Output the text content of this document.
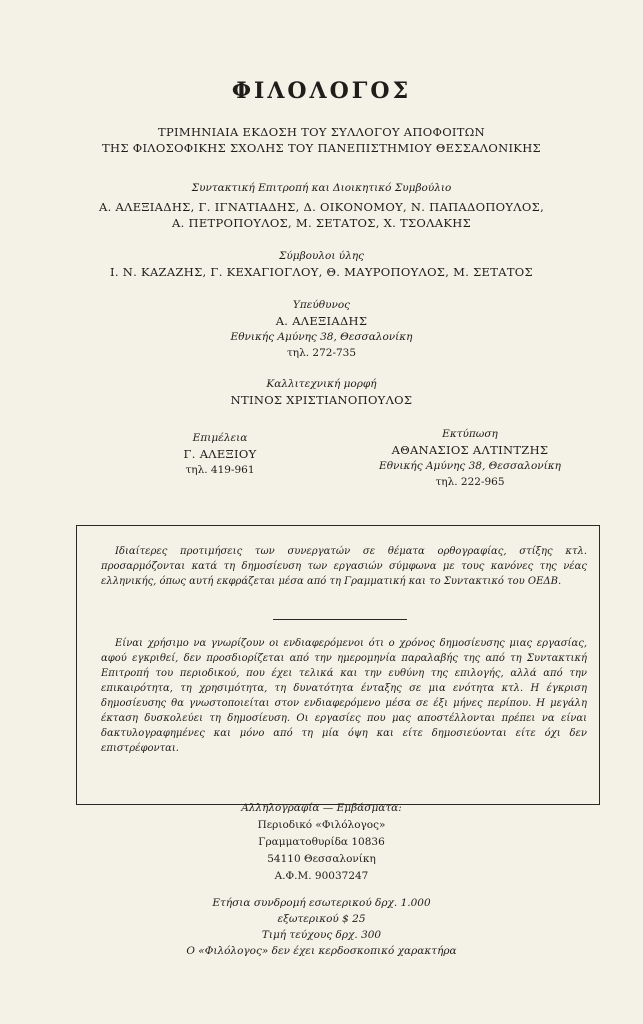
ΦΙΛΟΛΟΓΟΣ
ΤΡΙΜΗΝΙΑΙΑ ΕΚΔΟΣΗ ΤΟΥ ΣΥΛΛΟΓΟΥ ΑΠΟΦΟΙΤΩΝ
ΤΗΣ ΦΙΛΟΣΟΦΙΚΗΣ ΣΧΟΛΗΣ ΤΟΥ ΠΑΝΕΠΙΣΤΗΜΙΟΥ ΘΕΣΣΑΛΟΝΙΚΗΣ
Συντακτική Επιτροπή και Διοικητικό Συμβούλιο
Α. ΑΛΕΞΙΑΔΗΣ, Γ. ΙΓΝΑΤΙΑΔΗΣ, Δ. ΟΙΚΟΝΟΜΟΥ, Ν. ΠΑΠΑΔΟΠΟΥΛΟΣ,
Α. ΠΕΤΡΟΠΟΥΛΟΣ, Μ. ΣΕΤΑΤΟΣ, Χ. ΤΣΟΛΑΚΗΣ
Σύμβουλοι ύλης
Ι. Ν. ΚΑΖΑΖΗΣ, Γ. ΚΕΧΑΓΙΟΓΛΟΥ, Θ. ΜΑΥΡΟΠΟΥΛΟΣ, Μ. ΣΕΤΑΤΟΣ
Υπεύθυνος
Α. ΑΛΕΞΙΑΔΗΣ
Εθνικής Αμύνης 38, Θεσσαλονίκη
τηλ. 272-735
Καλλιτεχνική μορφή
ΝΤΙΝΟΣ ΧΡΙΣΤΙΑΝΟΠΟΥΛΟΣ
Επιμέλεια
Γ. ΑΛΕΞΙΟΥ
τηλ. 419-961
Εκτύπωση
ΑΘΑΝΑΣΙΟΣ ΑΛΤΙΝΤΖΗΣ
Εθνικής Αμύνης 38, Θεσσαλονίκη
τηλ. 222-965

Ιδιαίτερες προτιμήσεις των συνεργατών σε θέματα ορθογραφίας, στίξης κτλ. προσαρμόζονται κατά τη δημοσίευση των εργασιών σύμφωνα με τους κανόνες της νέας ελληνικής, όπως αυτή εκφράζεται μέσα από τη Γραμματική και το Συντακτικό του ΟΕΔΒ.

Είναι χρήσιμο να γνωρίζουν οι ενδιαφερόμενοι ότι ο χρόνος δημοσίευσης μιας εργασίας, αφού εγκριθεί, δεν προσδιορίζεται από την ημερομηνία παραλαβής της από τη Συντακτική Επιτροπή του περιοδικού, που έχει τελικά και την ευθύνη της επιλογής, αλλά από την επικαιρότητα, τη χρησιμότητα, τη δυνατότητα ένταξης σε μια ενότητα κτλ. Η έγκριση δημοσίευσης θα γνωστοποιείται στον ενδιαφερόμενο μέσα σε έξι μήνες περίπου. Η μεγάλη έκταση δυσκολεύει τη δημοσίευση. Οι εργασίες που μας αποστέλλονται πρέπει να είναι δακτυλογραφημένες και μόνο από τη μία όψη και είτε δημοσιεύονται είτε όχι δεν επιστρέφονται.

Αλληλογραφία — Εμβάσματα:
Περιοδικό «Φιλόλογος»
Γραμματοθυρίδα 10836
54110 Θεσσαλονίκη
Α.Φ.Μ. 90037247
Ετήσια συνδρομή εσωτερικού δρχ. 1.000
εξωτερικού $ 25
Τιμή τεύχους δρχ. 300
Ο «Φιλόλογος» δεν έχει κερδοσκοπικό χαρακτήρα
